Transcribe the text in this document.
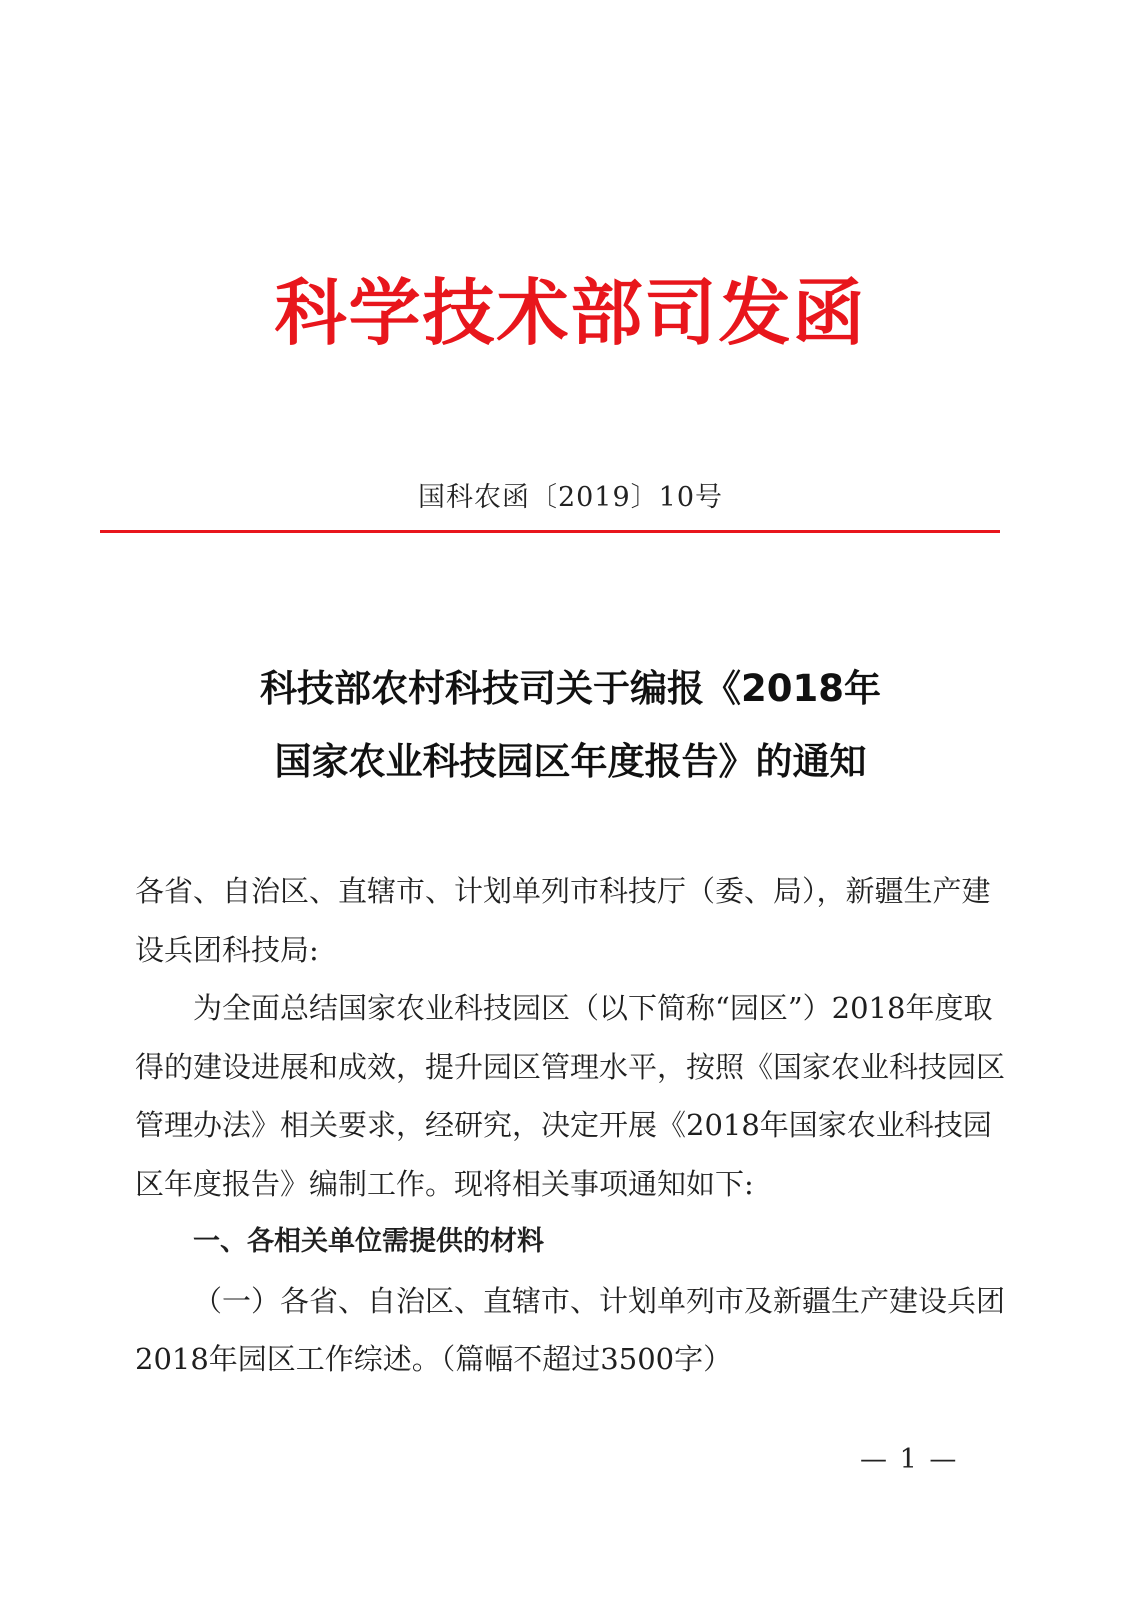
科学技术部司发函
国科农函〔2019〕10号
科技部农村科技司关于编报《2018年
国家农业科技园区年度报告》的通知

各省、自治区、直辖市、计划单列市科技厅（委、局），新疆生产建设兵团科技局:

为全面总结国家农业科技园区（以下简称“园区”）2018年度取得的建设进展和成效，提升园区管理水平，按照《国家农业科技园区管理办法》相关要求，经研究，决定开展《2018年国家农业科技园区年度报告》编制工作。现将相关事项通知如下:

一、各相关单位需提供的材料

（一）各省、自治区、直辖市、计划单列市及新疆生产建设兵团2018年园区工作综述。（篇幅不超过3500字）

— 1 —
